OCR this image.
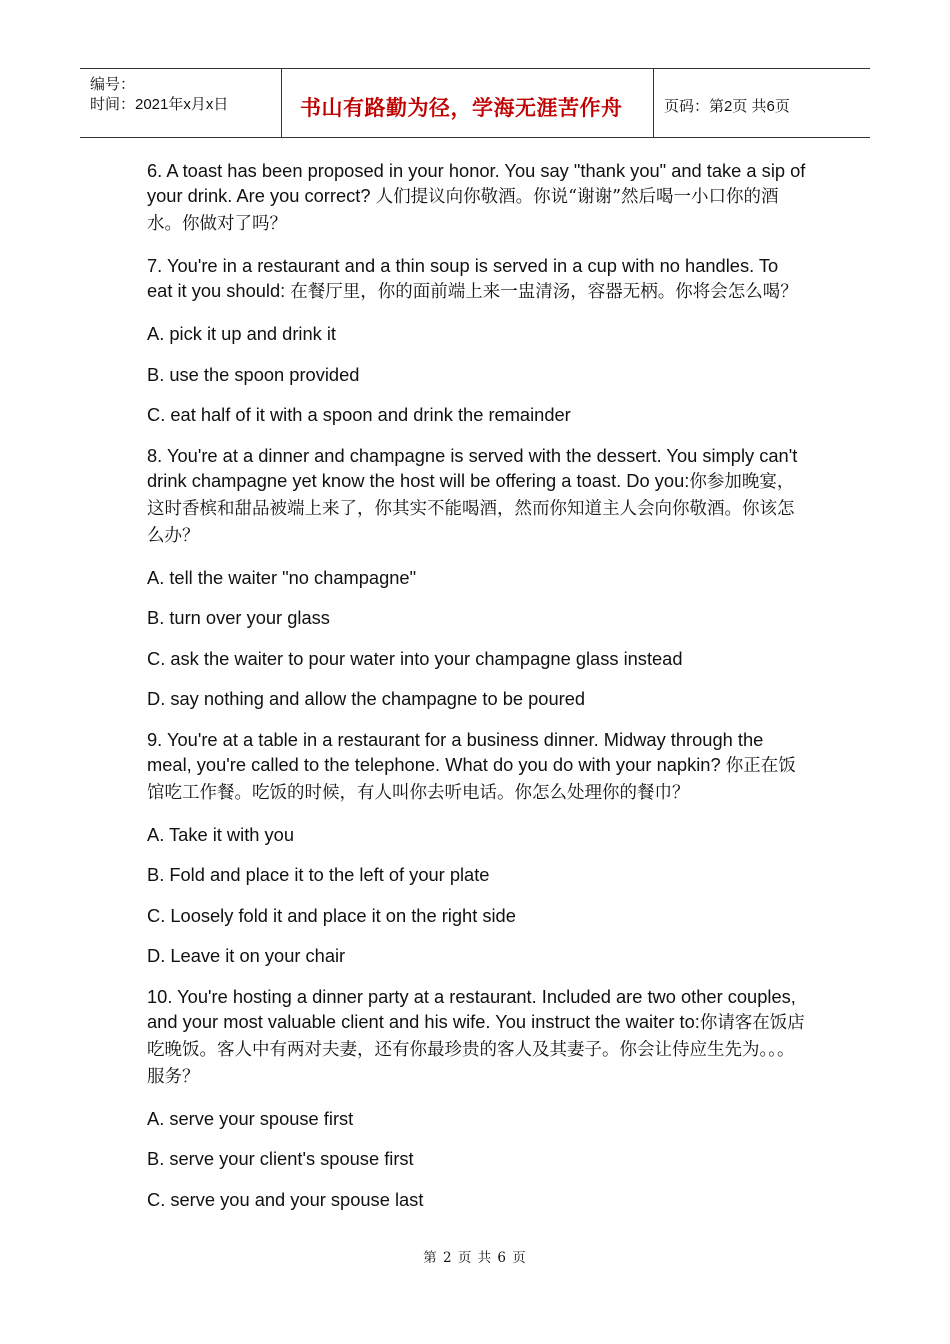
编号：
时间：2021年x月x日	书山有路勤为径，学海无涯苦作舟	页码：第2页 共6页

6. A toast has been proposed in your honor. You say "thank you" and take a sip of your drink. Are you correct? 人们提议向你敬酒。你说“谢谢”然后喝一小口你的酒水。你做对了吗？

7. You're in a restaurant and a thin soup is served in a cup with no handles. To eat it you should: 在餐厅里，你的面前端上来一盅清汤，容器无柄。你将会怎么喝？

A. pick it up and drink it

B. use the spoon provided

C. eat half of it with a spoon and drink the remainder

8. You're at a dinner and champagne is served with the dessert. You simply can't drink champagne yet know the host will be offering a toast. Do you:你参加晚宴，这时香槟和甜品被端上来了，你其实不能喝酒，然而你知道主人会向你敬酒。你该怎么办？

A. tell the waiter "no champagne"

B. turn over your glass

C. ask the waiter to pour water into your champagne glass instead

D. say nothing and allow the champagne to be poured

9. You're at a table in a restaurant for a business dinner. Midway through the meal, you're called to the telephone. What do you do with your napkin? 你正在饭馆吃工作餐。吃饭的时候，有人叫你去听电话。你怎么处理你的餐巾？

A. Take it with you

B. Fold and place it to the left of your plate

C. Loosely fold it and place it on the right side

D. Leave it on your chair

10. You're hosting a dinner party at a restaurant. Included are two other couples, and your most valuable client and his wife. You instruct the waiter to:你请客在饭店吃晚饭。客人中有两对夫妻，还有你最珍贵的客人及其妻子。你会让侍应生先为。。。服务？

A. serve your spouse first

B. serve your client's spouse first

C. serve you and your spouse last

第 2 页 共 6 页
